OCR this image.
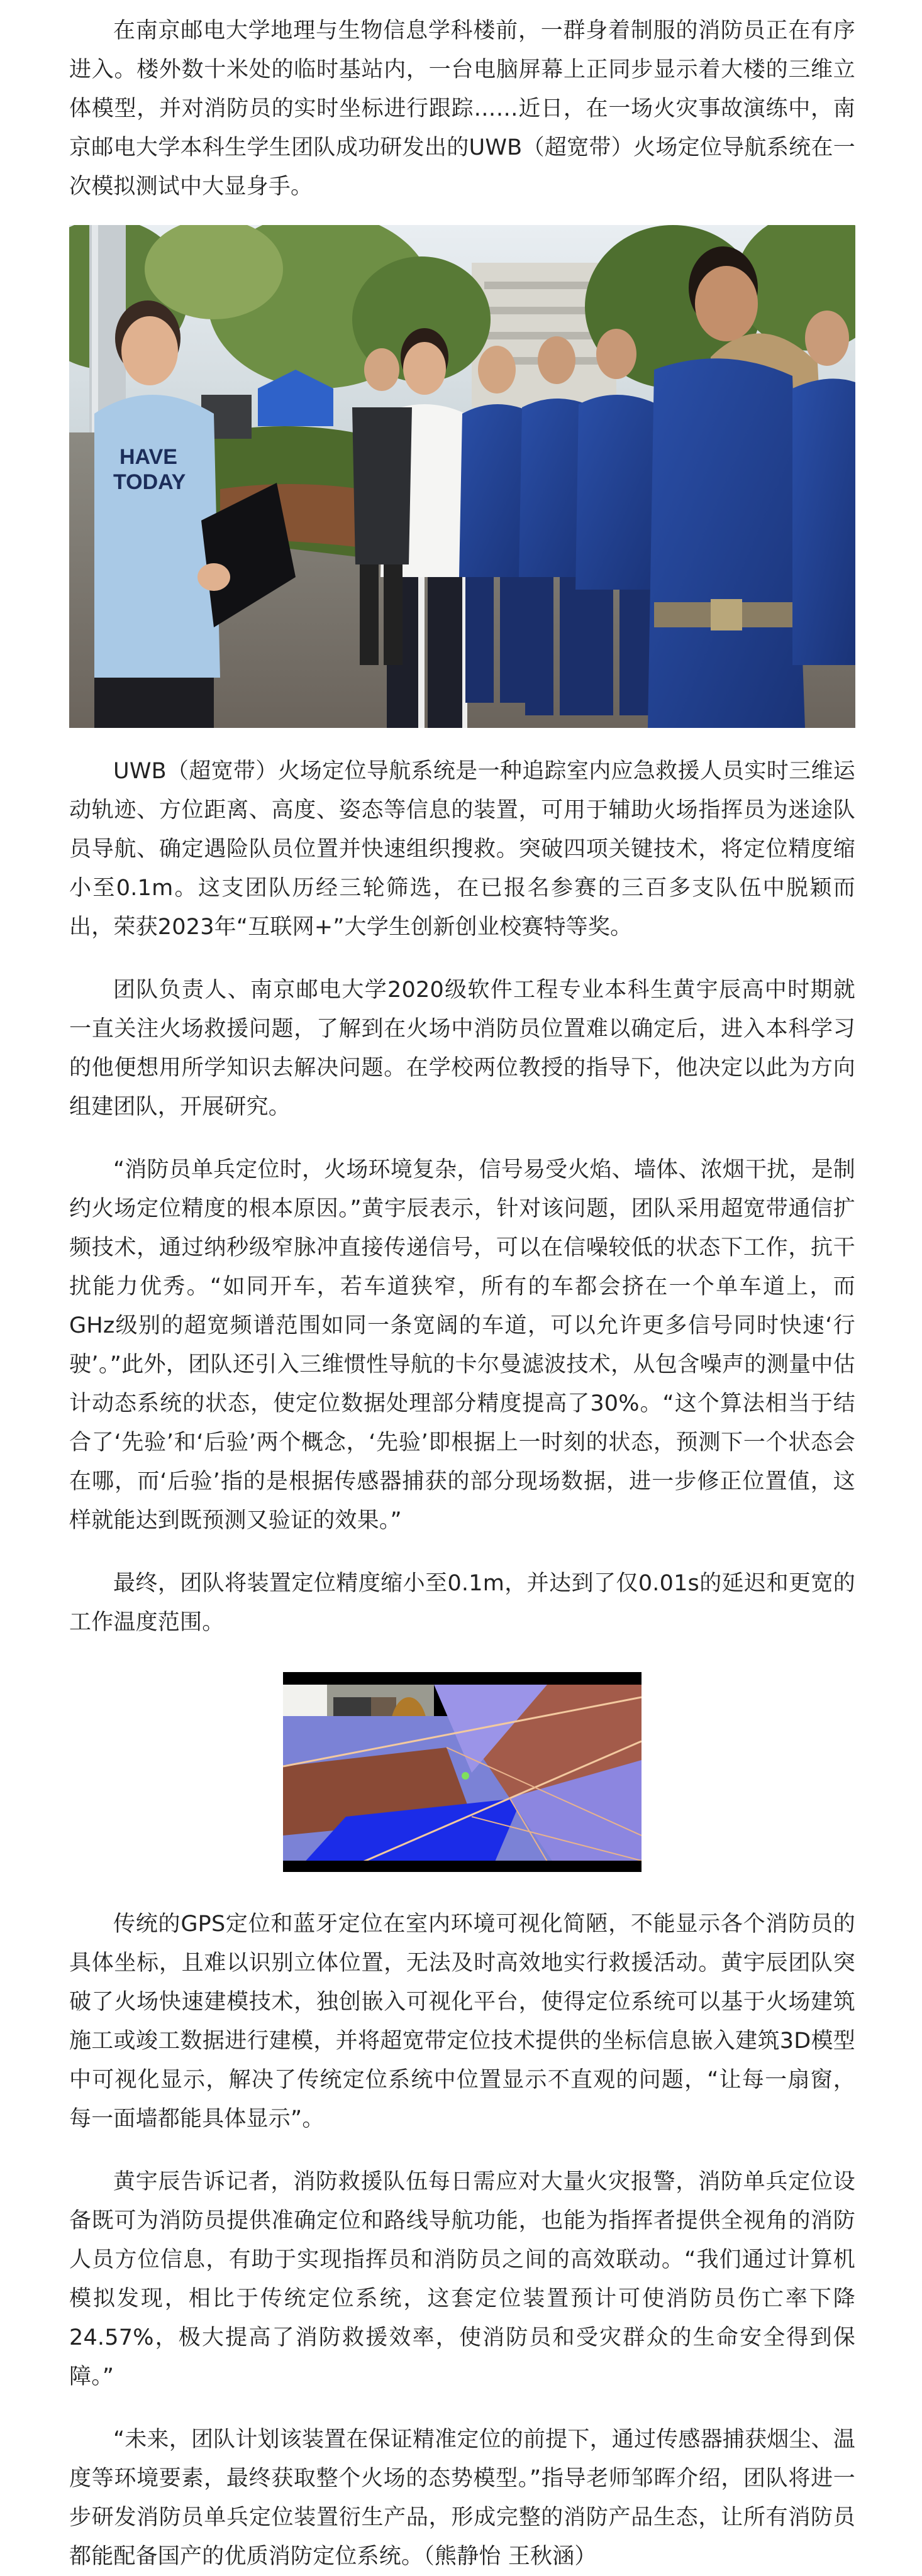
在南京邮电大学地理与生物信息学科楼前，一群身着制服的消防员正在有序进入。楼外数十米处的临时基站内，一台电脑屏幕上正同步显示着大楼的三维立体模型，并对消防员的实时坐标进行跟踪……近日，在一场火灾事故演练中，南京邮电大学本科生学生团队成功研发出的UWB（超宽带）火场定位导航系统在一次模拟测试中大显身手。

HAVE
TODAY

UWB（超宽带）火场定位导航系统是一种追踪室内应急救援人员实时三维运动轨迹、方位距离、高度、姿态等信息的装置，可用于辅助火场指挥员为迷途队员导航、确定遇险队员位置并快速组织搜救。突破四项关键技术，将定位精度缩小至0.1m。这支团队历经三轮筛选，在已报名参赛的三百多支队伍中脱颖而出，荣获2023年“互联网+”大学生创新创业校赛特等奖。

团队负责人、南京邮电大学2020级软件工程专业本科生黄宇辰高中时期就一直关注火场救援问题，了解到在火场中消防员位置难以确定后，进入本科学习的他便想用所学知识去解决问题。在学校两位教授的指导下，他决定以此为方向组建团队，开展研究。

“消防员单兵定位时，火场环境复杂，信号易受火焰、墙体、浓烟干扰，是制约火场定位精度的根本原因。”黄宇辰表示，针对该问题，团队采用超宽带通信扩频技术，通过纳秒级窄脉冲直接传递信号，可以在信噪较低的状态下工作，抗干扰能力优秀。“如同开车，若车道狭窄，所有的车都会挤在一个单车道上，而GHz级别的超宽频谱范围如同一条宽阔的车道，可以允许更多信号同时快速‘行驶’。”此外，团队还引入三维惯性导航的卡尔曼滤波技术，从包含噪声的测量中估计动态系统的状态，使定位数据处理部分精度提高了30%。“这个算法相当于结合了‘先验’和‘后验’两个概念，‘先验’即根据上一时刻的状态，预测下一个状态会在哪，而‘后验’指的是根据传感器捕获的部分现场数据，进一步修正位置值，这样就能达到既预测又验证的效果。”

最终，团队将装置定位精度缩小至0.1m，并达到了仅0.01s的延迟和更宽的工作温度范围。

传统的GPS定位和蓝牙定位在室内环境可视化简陋，不能显示各个消防员的具体坐标，且难以识别立体位置，无法及时高效地实行救援活动。黄宇辰团队突破了火场快速建模技术，独创嵌入可视化平台，使得定位系统可以基于火场建筑施工或竣工数据进行建模，并将超宽带定位技术提供的坐标信息嵌入建筑3D模型中可视化显示，解决了传统定位系统中位置显示不直观的问题，“让每一扇窗，每一面墙都能具体显示”。

黄宇辰告诉记者，消防救援队伍每日需应对大量火灾报警，消防单兵定位设备既可为消防员提供准确定位和路线导航功能，也能为指挥者提供全视角的消防人员方位信息，有助于实现指挥员和消防员之间的高效联动。“我们通过计算机模拟发现，相比于传统定位系统，这套定位装置预计可使消防员伤亡率下降24.57%，极大提高了消防救援效率，使消防员和受灾群众的生命安全得到保障。”

“未来，团队计划该装置在保证精准定位的前提下，通过传感器捕获烟尘、温度等环境要素，最终获取整个火场的态势模型。”指导老师邹晖介绍，团队将进一步研发消防员单兵定位装置衍生产品，形成完整的消防产品生态，让所有消防员都能配备国产的优质消防定位系统。（熊静怡 王秋涵）
